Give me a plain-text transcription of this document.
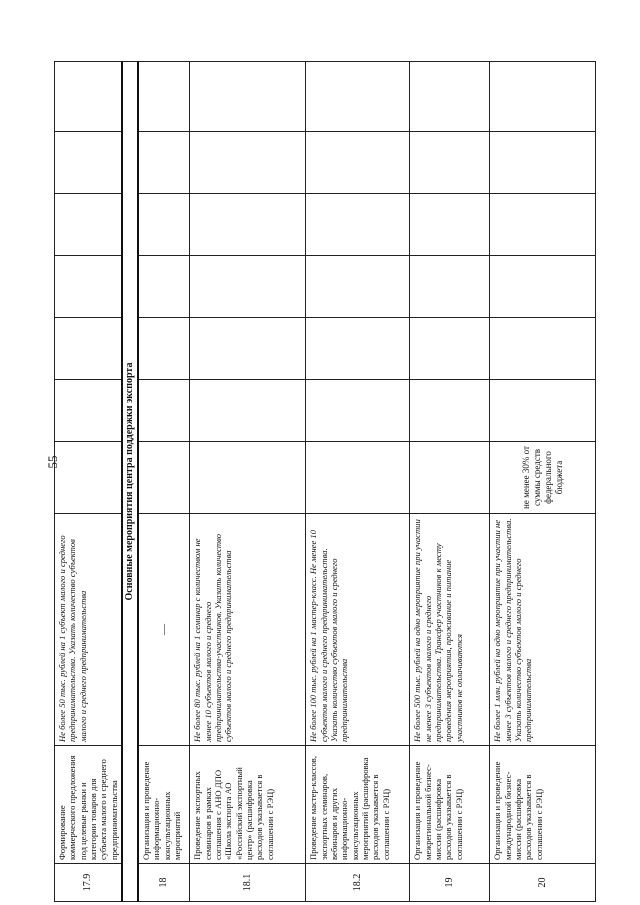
55
17.9	Формирование коммерческого предложения под целевые рынки и категории товаров для субъекта малого и среднего предпринимательства	Не более 50 тыс. рублей на 1 субъект малого и среднего предпринимательства. Указать количество субъектов малого и среднего предпринимательства							
Основные мероприятия центра поддержки экспорта									
18	Организация и проведение информационно-консультационных мероприятий	—							
18.1	Проведение экспортных семинаров в рамках соглашения с АНО ДПО «Школа экспорта АО «Российский экспортный центр» (расшифровка расходов указывается в соглашении с РЭЦ)	Не более 80 тыс. рублей на 1 семинар с количеством не менее 10 субъектов малого и среднего предпринимательства-участников. Указать количество субъектов малого и среднего предпринимательства							
18.2	Проведение мастер-классов, экспортных семинаров, вебинаров и других информационно-консультационных мероприятий (расшифровка расходов указывается в соглашении с РЭЦ)	Не более 100 тыс. рублей на 1 мастер-класс. Не менее 10 субъектов малого и среднего предпринимательства. Указать количество субъектов малого и среднего предпринимательства							
19	Организация и проведение межрегиональной бизнес-миссии (расшифровка расходов указывается в соглашении с РЭЦ)	Не более 500 тыс. рублей на одно мероприятие при участии не менее 3 субъектов малого и среднего предпринимательства. Трансфер участников к месту проведения мероприятия, проживание и питание участников не оплачиваются							
20	Организация и проведение международной бизнес-миссии (расшифровка расходов указывается в соглашении с РЭЦ)	Не более 1 млн. рублей на одно мероприятие при участии не менее 3 субъектов малого и среднего предпринимательства. Указать количество субъектов малого и среднего предпринимательства	не менее 30% от суммы средств федерального бюджета						
